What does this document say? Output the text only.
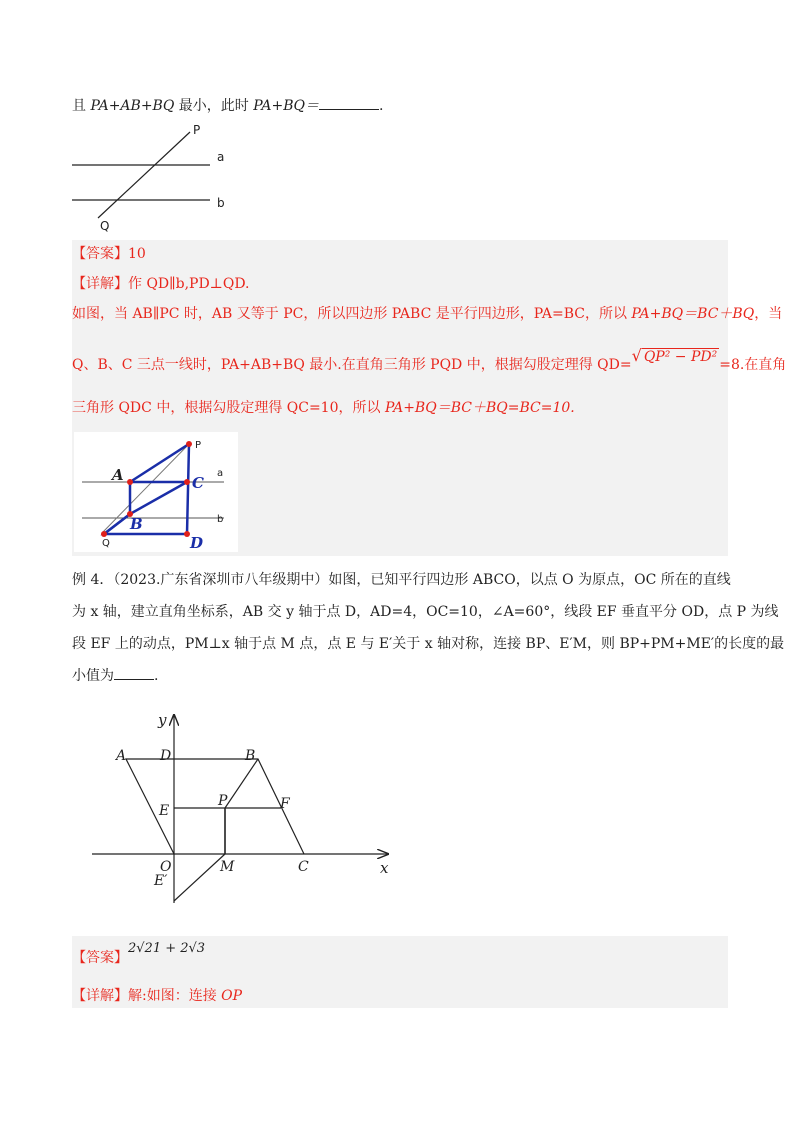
且 PA+AB+BQ 最小，此时 PA+BQ＝	.
P
a
b
Q
【答案】10
【详解】作 QD∥b,PD⊥QD.
如图，当 AB∥PC 时，AB 又等于 PC，所以四边形 PABC 是平行四边形，PA=BC，所以 PA+BQ＝BC＋BQ，当
Q、B、C 三点一线时，PA+AB+BQ 最小.在直角三角形 PQD 中，根据勾股定理得 QD=√ QP² − PD² =8.在直角
三角形 QDC 中，根据勾股定理得 QC=10，所以 PA+BQ＝BC＋BQ=BC=10.
A	C
B
D
P
Q
a
b
例 4．（2023.广东省深圳市八年级期中）如图，已知平行四边形 ABCO，以点 O 为原点，OC 所在的直线
为 x 轴，建立直角坐标系，AB 交 y 轴于点 D，AD=4，OC=10，∠A=60°，线段 EF 垂直平分 OD，点 P 为线
段 EF 上的动点，PM⊥x 轴于点 M 点，点 E 与 E′关于 x 轴对称，连接 BP、E′M，则 BP+PM+ME′的长度的最
小值为	.
y
x
A D	B
E
P	F
O	M	C
E′
【答案】2√21 + 2√3
【详解】解:如图：连接 OP
